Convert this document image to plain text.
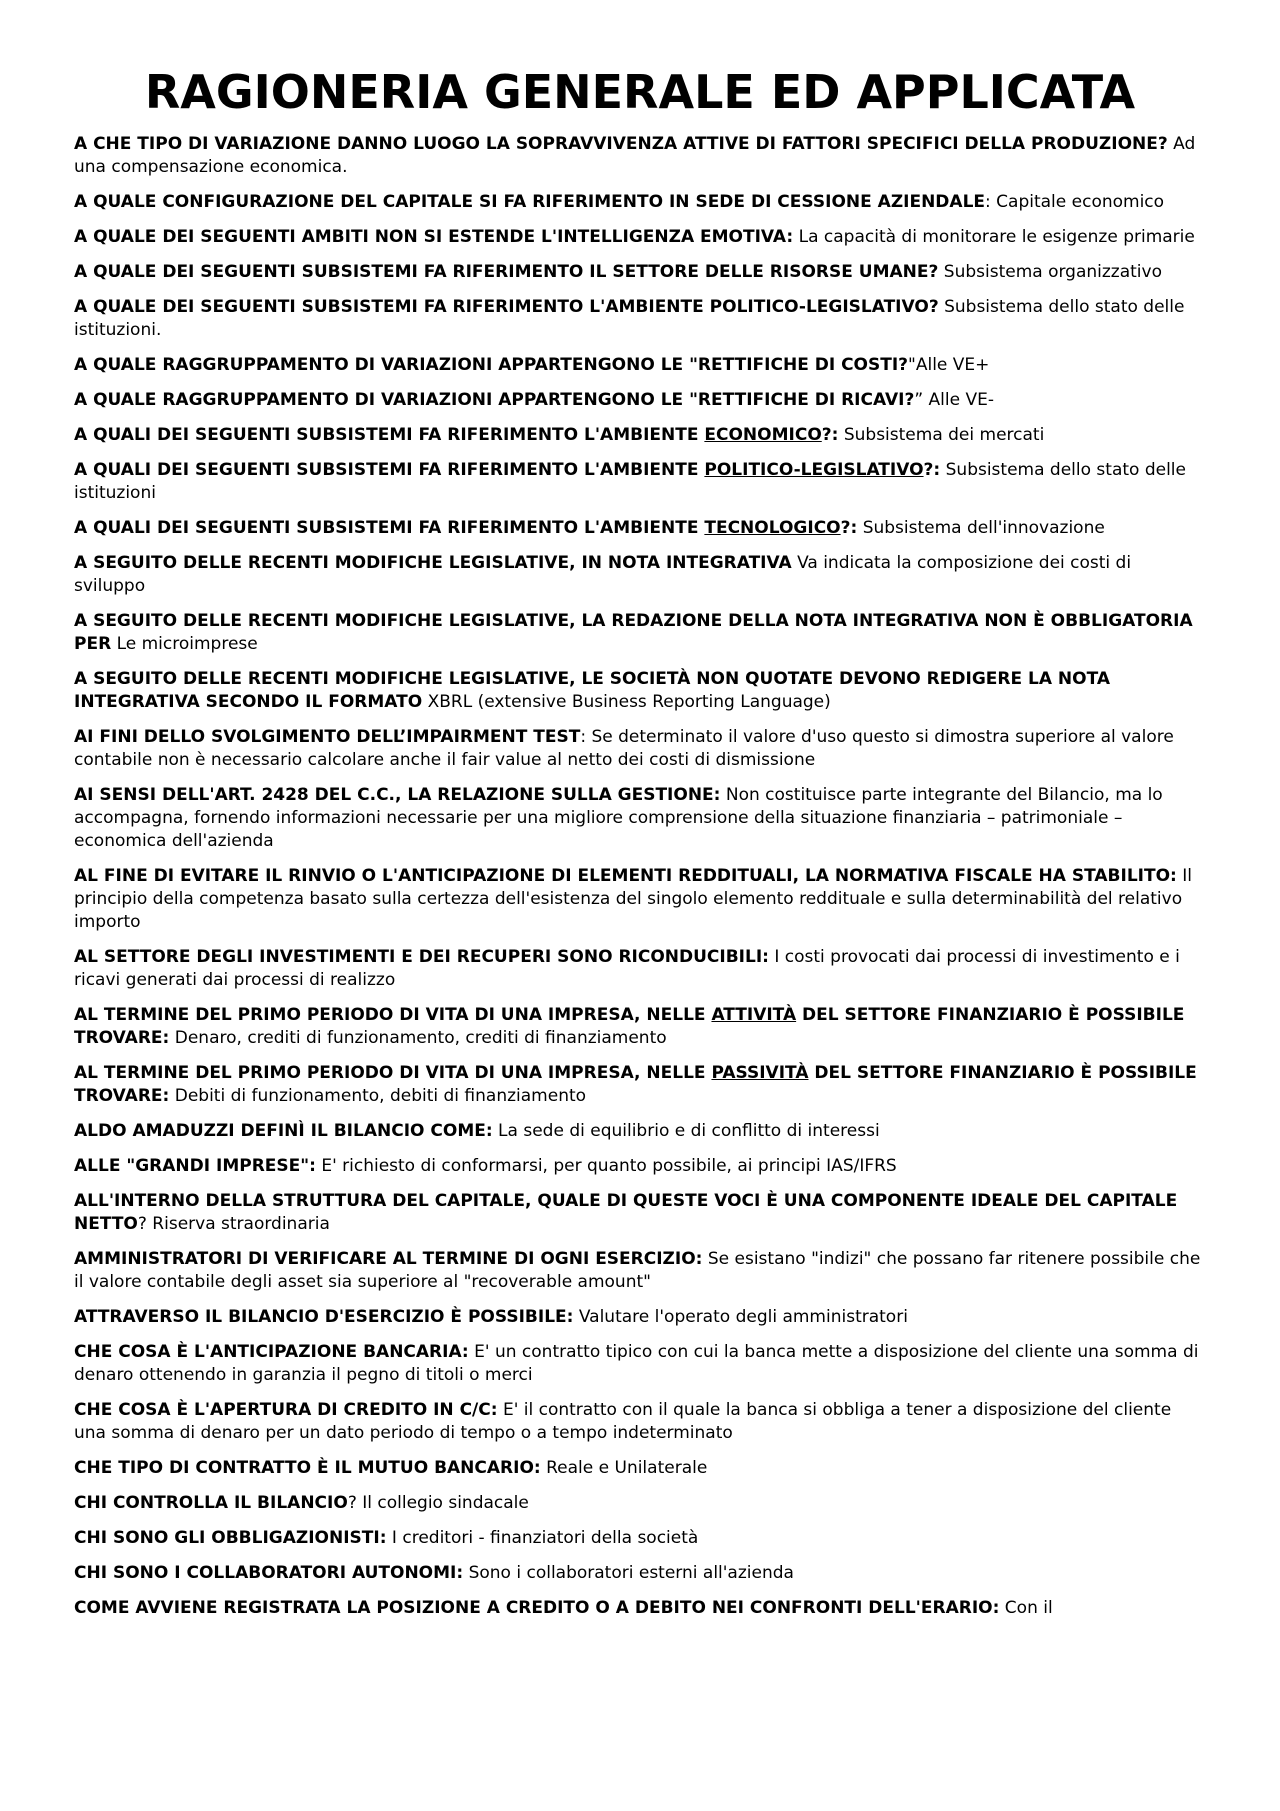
RAGIONERIA GENERALE ED APPLICATA

A CHE TIPO DI VARIAZIONE DANNO LUOGO LA SOPRAVVIVENZA ATTIVE DI FATTORI SPECIFICI DELLA PRODUZIONE? Ad una compensazione economica.

A QUALE CONFIGURAZIONE DEL CAPITALE SI FA RIFERIMENTO IN SEDE DI CESSIONE AZIENDALE: Capitale economico

A QUALE DEI SEGUENTI AMBITI NON SI ESTENDE L'INTELLIGENZA EMOTIVA: La capacità di monitorare le esigenze primarie

A QUALE DEI SEGUENTI SUBSISTEMI FA RIFERIMENTO IL SETTORE DELLE RISORSE UMANE? Subsistema organizzativo

A QUALE DEI SEGUENTI SUBSISTEMI FA RIFERIMENTO L'AMBIENTE POLITICO-LEGISLATIVO? Subsistema dello stato delle istituzioni.

A QUALE RAGGRUPPAMENTO DI VARIAZIONI APPARTENGONO LE "RETTIFICHE DI COSTI?"Alle VE+

A QUALE RAGGRUPPAMENTO DI VARIAZIONI APPARTENGONO LE "RETTIFICHE DI RICAVI?” Alle VE-

A QUALI DEI SEGUENTI SUBSISTEMI FA RIFERIMENTO L'AMBIENTE ECONOMICO?: Subsistema dei mercati

A QUALI DEI SEGUENTI SUBSISTEMI FA RIFERIMENTO L'AMBIENTE POLITICO-LEGISLATIVO?: Subsistema dello stato delle istituzioni

A QUALI DEI SEGUENTI SUBSISTEMI FA RIFERIMENTO L'AMBIENTE TECNOLOGICO?: Subsistema dell'innovazione

A SEGUITO DELLE RECENTI MODIFICHE LEGISLATIVE, IN NOTA INTEGRATIVA Va indicata la composizione dei costi di sviluppo

A SEGUITO DELLE RECENTI MODIFICHE LEGISLATIVE, LA REDAZIONE DELLA NOTA INTEGRATIVA NON È OBBLIGATORIA PER Le microimprese

A SEGUITO DELLE RECENTI MODIFICHE LEGISLATIVE, LE SOCIETÀ NON QUOTATE DEVONO REDIGERE LA NOTA INTEGRATIVA SECONDO IL FORMATO XBRL (extensive Business Reporting Language)

AI FINI DELLO SVOLGIMENTO DELL’IMPAIRMENT TEST: Se determinato il valore d'uso questo si dimostra superiore al valore contabile non è necessario calcolare anche il fair value al netto dei costi di dismissione

AI SENSI DELL'ART. 2428 DEL C.C., LA RELAZIONE SULLA GESTIONE: Non costituisce parte integrante del Bilancio, ma lo accompagna, fornendo informazioni necessarie per una migliore comprensione della situazione finanziaria – patrimoniale – economica dell'azienda

AL FINE DI EVITARE IL RINVIO O L'ANTICIPAZIONE DI ELEMENTI REDDITUALI, LA NORMATIVA FISCALE HA STABILITO: Il principio della competenza basato sulla certezza dell'esistenza del singolo elemento reddituale e sulla determinabilità del relativo importo

AL SETTORE DEGLI INVESTIMENTI E DEI RECUPERI SONO RICONDUCIBILI: I costi provocati dai processi di investimento e i ricavi generati dai processi di realizzo

AL TERMINE DEL PRIMO PERIODO DI VITA DI UNA IMPRESA, NELLE ATTIVITÀ DEL SETTORE FINANZIARIO È POSSIBILE TROVARE: Denaro, crediti di funzionamento, crediti di finanziamento

AL TERMINE DEL PRIMO PERIODO DI VITA DI UNA IMPRESA, NELLE PASSIVITÀ DEL SETTORE FINANZIARIO È POSSIBILE TROVARE: Debiti di funzionamento, debiti di finanziamento

ALDO AMADUZZI DEFINÌ IL BILANCIO COME: La sede di equilibrio e di conflitto di interessi

ALLE "GRANDI IMPRESE": E' richiesto di conformarsi, per quanto possibile, ai principi IAS/IFRS

ALL'INTERNO DELLA STRUTTURA DEL CAPITALE, QUALE DI QUESTE VOCI È UNA COMPONENTE IDEALE DEL CAPITALE NETTO? Riserva straordinaria

AMMINISTRATORI DI VERIFICARE AL TERMINE DI OGNI ESERCIZIO: Se esistano "indizi" che possano far ritenere possibile che il valore contabile degli asset sia superiore al "recoverable amount"

ATTRAVERSO IL BILANCIO D'ESERCIZIO È POSSIBILE: Valutare l'operato degli amministratori

CHE COSA È L'ANTICIPAZIONE BANCARIA: E' un contratto tipico con cui la banca mette a disposizione del cliente una somma di denaro ottenendo in garanzia il pegno di titoli o merci

CHE COSA È L'APERTURA DI CREDITO IN C/C: E' il contratto con il quale la banca si obbliga a tener a disposizione del cliente una somma di denaro per un dato periodo di tempo o a tempo indeterminato

CHE TIPO DI CONTRATTO È IL MUTUO BANCARIO: Reale e Unilaterale

CHI CONTROLLA IL BILANCIO? Il collegio sindacale

CHI SONO GLI OBBLIGAZIONISTI: I creditori - finanziatori della società

CHI SONO I COLLABORATORI AUTONOMI: Sono i collaboratori esterni all'azienda

COME AVVIENE REGISTRATA LA POSIZIONE A CREDITO O A DEBITO NEI CONFRONTI DELL'ERARIO: Con il
